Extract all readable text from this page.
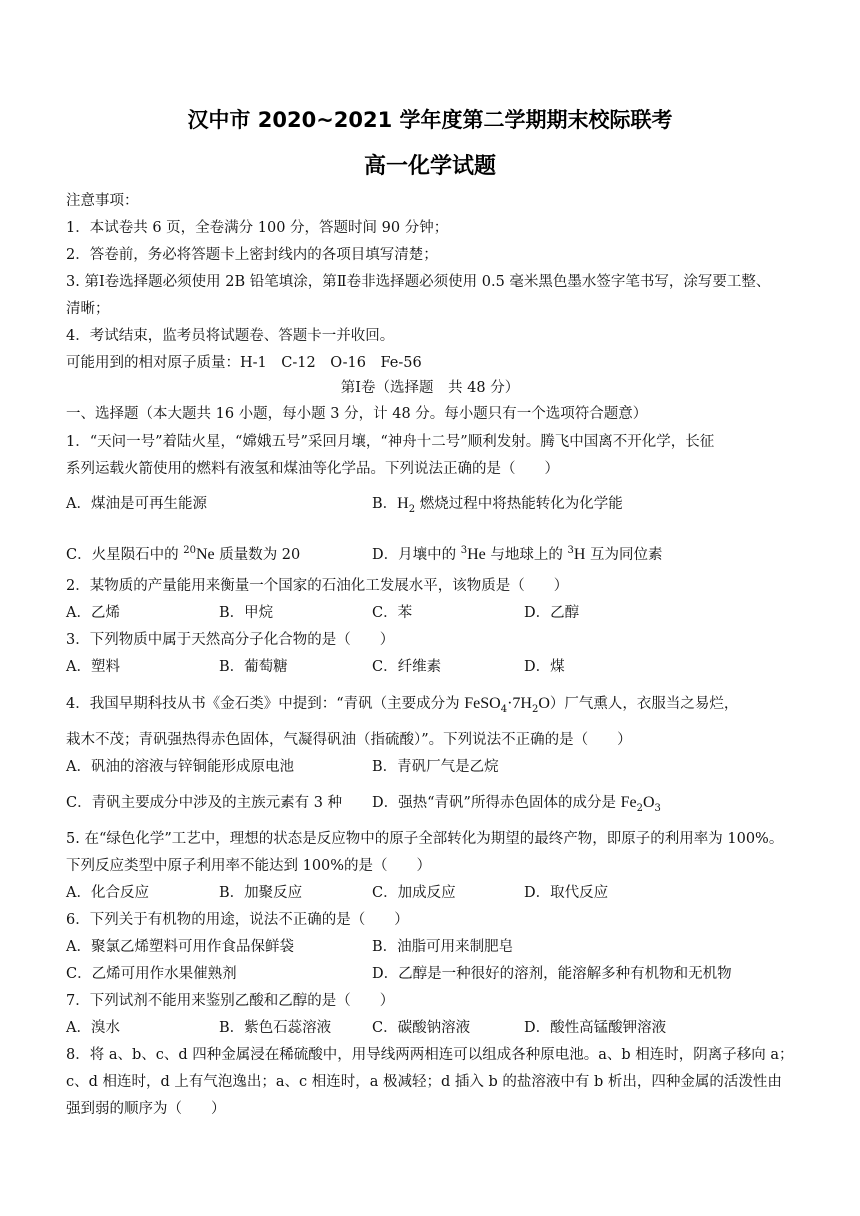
汉中市 2020~2021 学年度第二学期期末校际联考
高一化学试题
注意事项：
1．本试卷共 6 页，全卷满分 100 分，答题时间 90 分钟；
2．答卷前，务必将答题卡上密封线内的各项目填写清楚；
3. 第Ⅰ卷选择题必须使用 2B 铅笔填涂，第Ⅱ卷非选择题必须使用 0.5 毫米黑色墨水签字笔书写，涂写要工整、
清晰；
4．考试结束，监考员将试题卷、答题卡一并收回。
可能用到的相对原子质量：H-1　C-12　O-16　Fe-56
第Ⅰ卷（选择题　共 48 分）
一、选择题（本大题共 16 小题，每小题 3 分，计 48 分。每小题只有一个选项符合题意）
1．“天问一号”着陆火星，“嫦娥五号”采回月壤，“神舟十二号”顺利发射。腾飞中国离不开化学，长征
系列运载火箭使用的燃料有液氢和煤油等化学品。下列说法正确的是（　　）
A．煤油是可再生能源	B．$H_2$ 燃烧过程中将热能转化为化学能
C．火星陨石中的 $^{20}$Ne 质量数为 20	D．月壤中的 $^3$He 与地球上的 $^3$H 互为同位素
2．某物质的产量能用来衡量一个国家的石油化工发展水平，该物质是（　　）
A．乙烯	B．甲烷	C．苯	D．乙醇
3．下列物质中属于天然高分子化合物的是（　　）
A．塑料	B．葡萄糖	C．纤维素	D．煤
4．我国早期科技从书《金石类》中提到：“青矾（主要成分为 $FeSO_4\cdot 7H_2O$）厂气熏人，衣服当之易烂，
栽木不茂；青矾强热得赤色固体，气凝得矾油（指硫酸）”。下列说法不正确的是（　　）
A．矾油的溶液与锌铜能形成原电池	B．青矾厂气是乙烷
C．青矾主要成分中涉及的主族元素有 3 种 D．强热“青矾”所得赤色固体的成分是 $Fe_2O_3$
5. 在“绿色化学”工艺中，理想的状态是反应物中的原子全部转化为期望的最终产物，即原子的利用率为 100%。
下列反应类型中原子利用率不能达到 100%的是（　　）
A．化合反应	B．加聚反应	C．加成反应	D．取代反应
6．下列关于有机物的用途，说法不正确的是（　　）
A．聚氯乙烯塑料可用作食品保鲜袋	B．油脂可用来制肥皂
C．乙烯可用作水果催熟剂	D．乙醇是一种很好的溶剂，能溶解多种有机物和无机物
7．下列试剂不能用来鉴别乙酸和乙醇的是（　　）
A．溴水	B．紫色石蕊溶液	C．碳酸钠溶液	D．酸性高锰酸钾溶液
8．将 a、b、c、d 四种金属浸在稀硫酸中，用导线两两相连可以组成各种原电池。a、b 相连时，阴离子移向 a；
c、d 相连时，d 上有气泡逸出；a、c 相连时，a 极减轻；d 插入 b 的盐溶液中有 b 析出，四种金属的活泼性由
强到弱的顺序为（　　）
